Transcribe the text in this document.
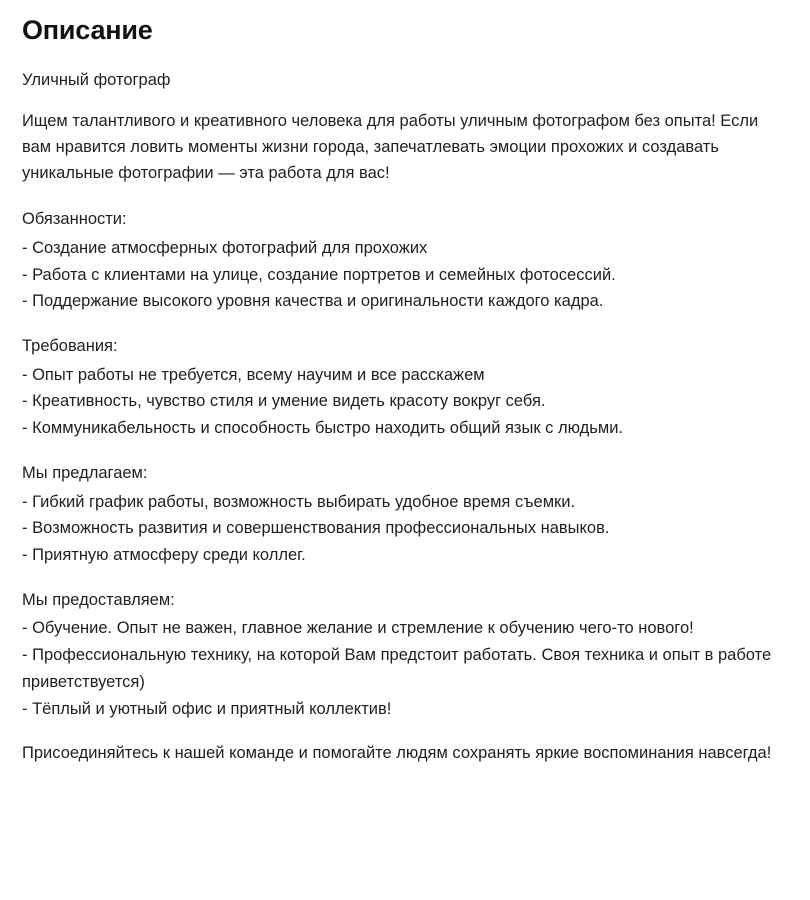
Описание

Уличный фотограф

Ищем талантливого и креативного человека для работы уличным фотографом без опыта! Если вам нравится ловить моменты жизни города, запечатлевать эмоции прохожих и создавать уникальные фотографии — эта работа для вас!

Обязанности:

- Создание атмосферных фотографий для прохожих

- Работа с клиентами на улице, создание портретов и семейных фотосессий.

- Поддержание высокого уровня качества и оригинальности каждого кадра.

Требования:

- Опыт работы не требуется, всему научим и все расскажем

- Креативность, чувство стиля и умение видеть красоту вокруг себя.

- Коммуникабельность и способность быстро находить общий язык с людьми.

Мы предлагаем:

- Гибкий график работы, возможность выбирать удобное время съемки.

- Возможность развития и совершенствования профессиональных навыков.

- Приятную атмосферу среди коллег.

Мы предоставляем:

- Обучение. Опыт не важен, главное желание и стремление к обучению чего-то нового!

- Профессиональную технику, на которой Вам предстоит работать. Своя техника и опыт в работе приветствуется)

- Тёплый и уютный офис и приятный коллектив!

Присоединяйтесь к нашей команде и помогайте людям сохранять яркие воспоминания навсегда!
